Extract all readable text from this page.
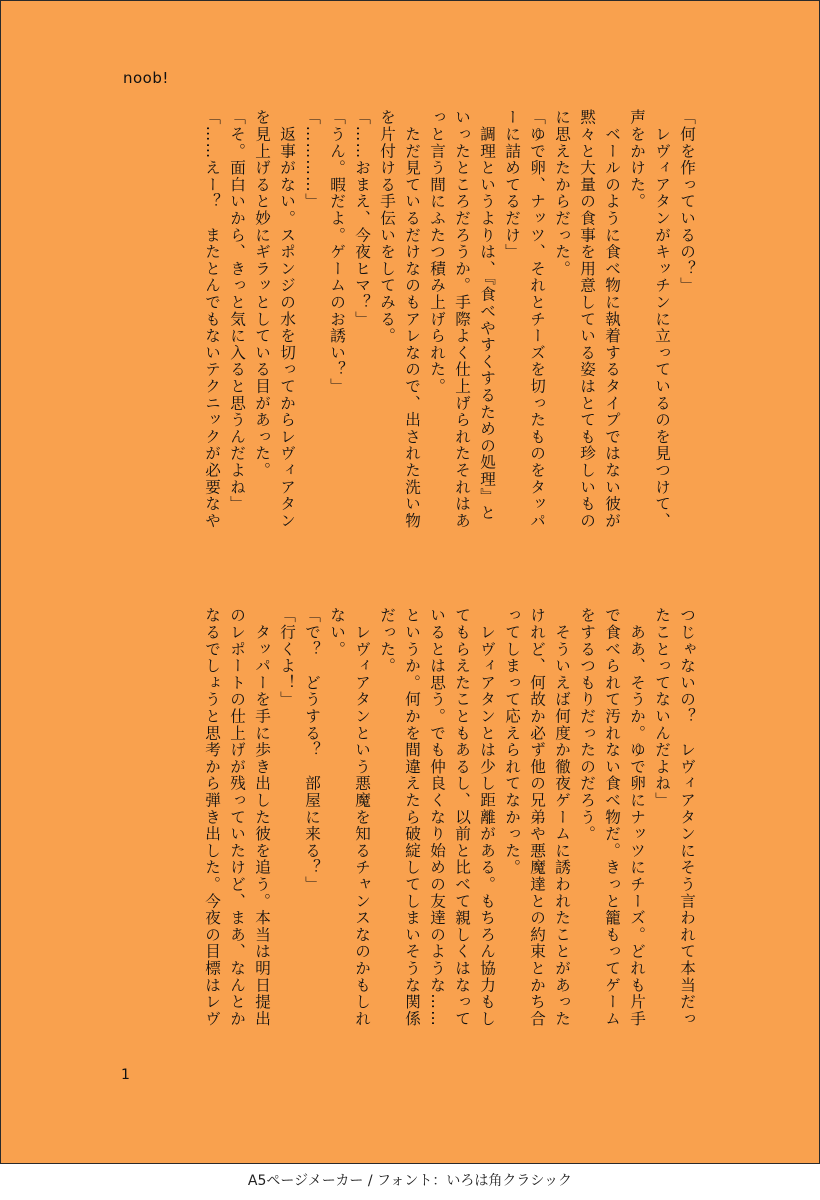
noob!
「何を作っているの？」
　レヴィアタンがキッチンに立っているのを見つけて、
声をかけた。
　ベールのように食べ物に執着するタイプではない彼が
黙々と大量の食事を用意している姿はとても珍しいもの
に思えたからだった。
「ゆで卵、ナッツ、それとチーズを切ったものをタッパ
ーに詰めてるだけ」
　調理というよりは、『食べやすくするための処理』と
いったところだろうか。手際よく仕上げられたそれはあ
っと言う間にふたつ積み上げられた。
　ただ見ているだけなのもアレなので、出された洗い物
を片付ける手伝いをしてみる。
「……おまえ、今夜ヒマ？」
「うん。暇だよ。ゲームのお誘い？」
「…………」
　返事がない。スポンジの水を切ってからレヴィアタン
を見上げると妙にギラッとしている目があった。
「そ。面白いから、きっと気に入ると思うんだよね」
「……えー？　またとんでもないテクニックが必要なや
つじゃないの？　レヴィアタンにそう言われて本当だっ
たことってないんだよね」
　ああ、そうか。ゆで卵にナッツにチーズ。どれも片手
で食べられて汚れない食べ物だ。きっと籠もってゲーム
をするつもりだったのだろう。
　そういえば何度か徹夜ゲームに誘われたことがあった
けれど、何故か必ず他の兄弟や悪魔達との約束とかち合
ってしまって応えられてなかった。
　レヴィアタンとは少し距離がある。もちろん協力もし
てもらえたこともあるし、以前と比べて親しくはなって
いるとは思う。でも仲良くなり始めの友達のような……
というか。何かを間違えたら破綻してしまいそうな関係
だった。
　レヴィアタンという悪魔を知るチャンスなのかもしれ
ない。
「で？　どうする？　部屋に来る？」
「行くよ！」
　タッパーを手に歩き出した彼を追う。本当は明日提出
のレポートの仕上げが残っていたけど、まあ、なんとか
なるでしょうと思考から弾き出した。今夜の目標はレヴ
1
A5ページメーカー / フォント：いろは角クラシック
